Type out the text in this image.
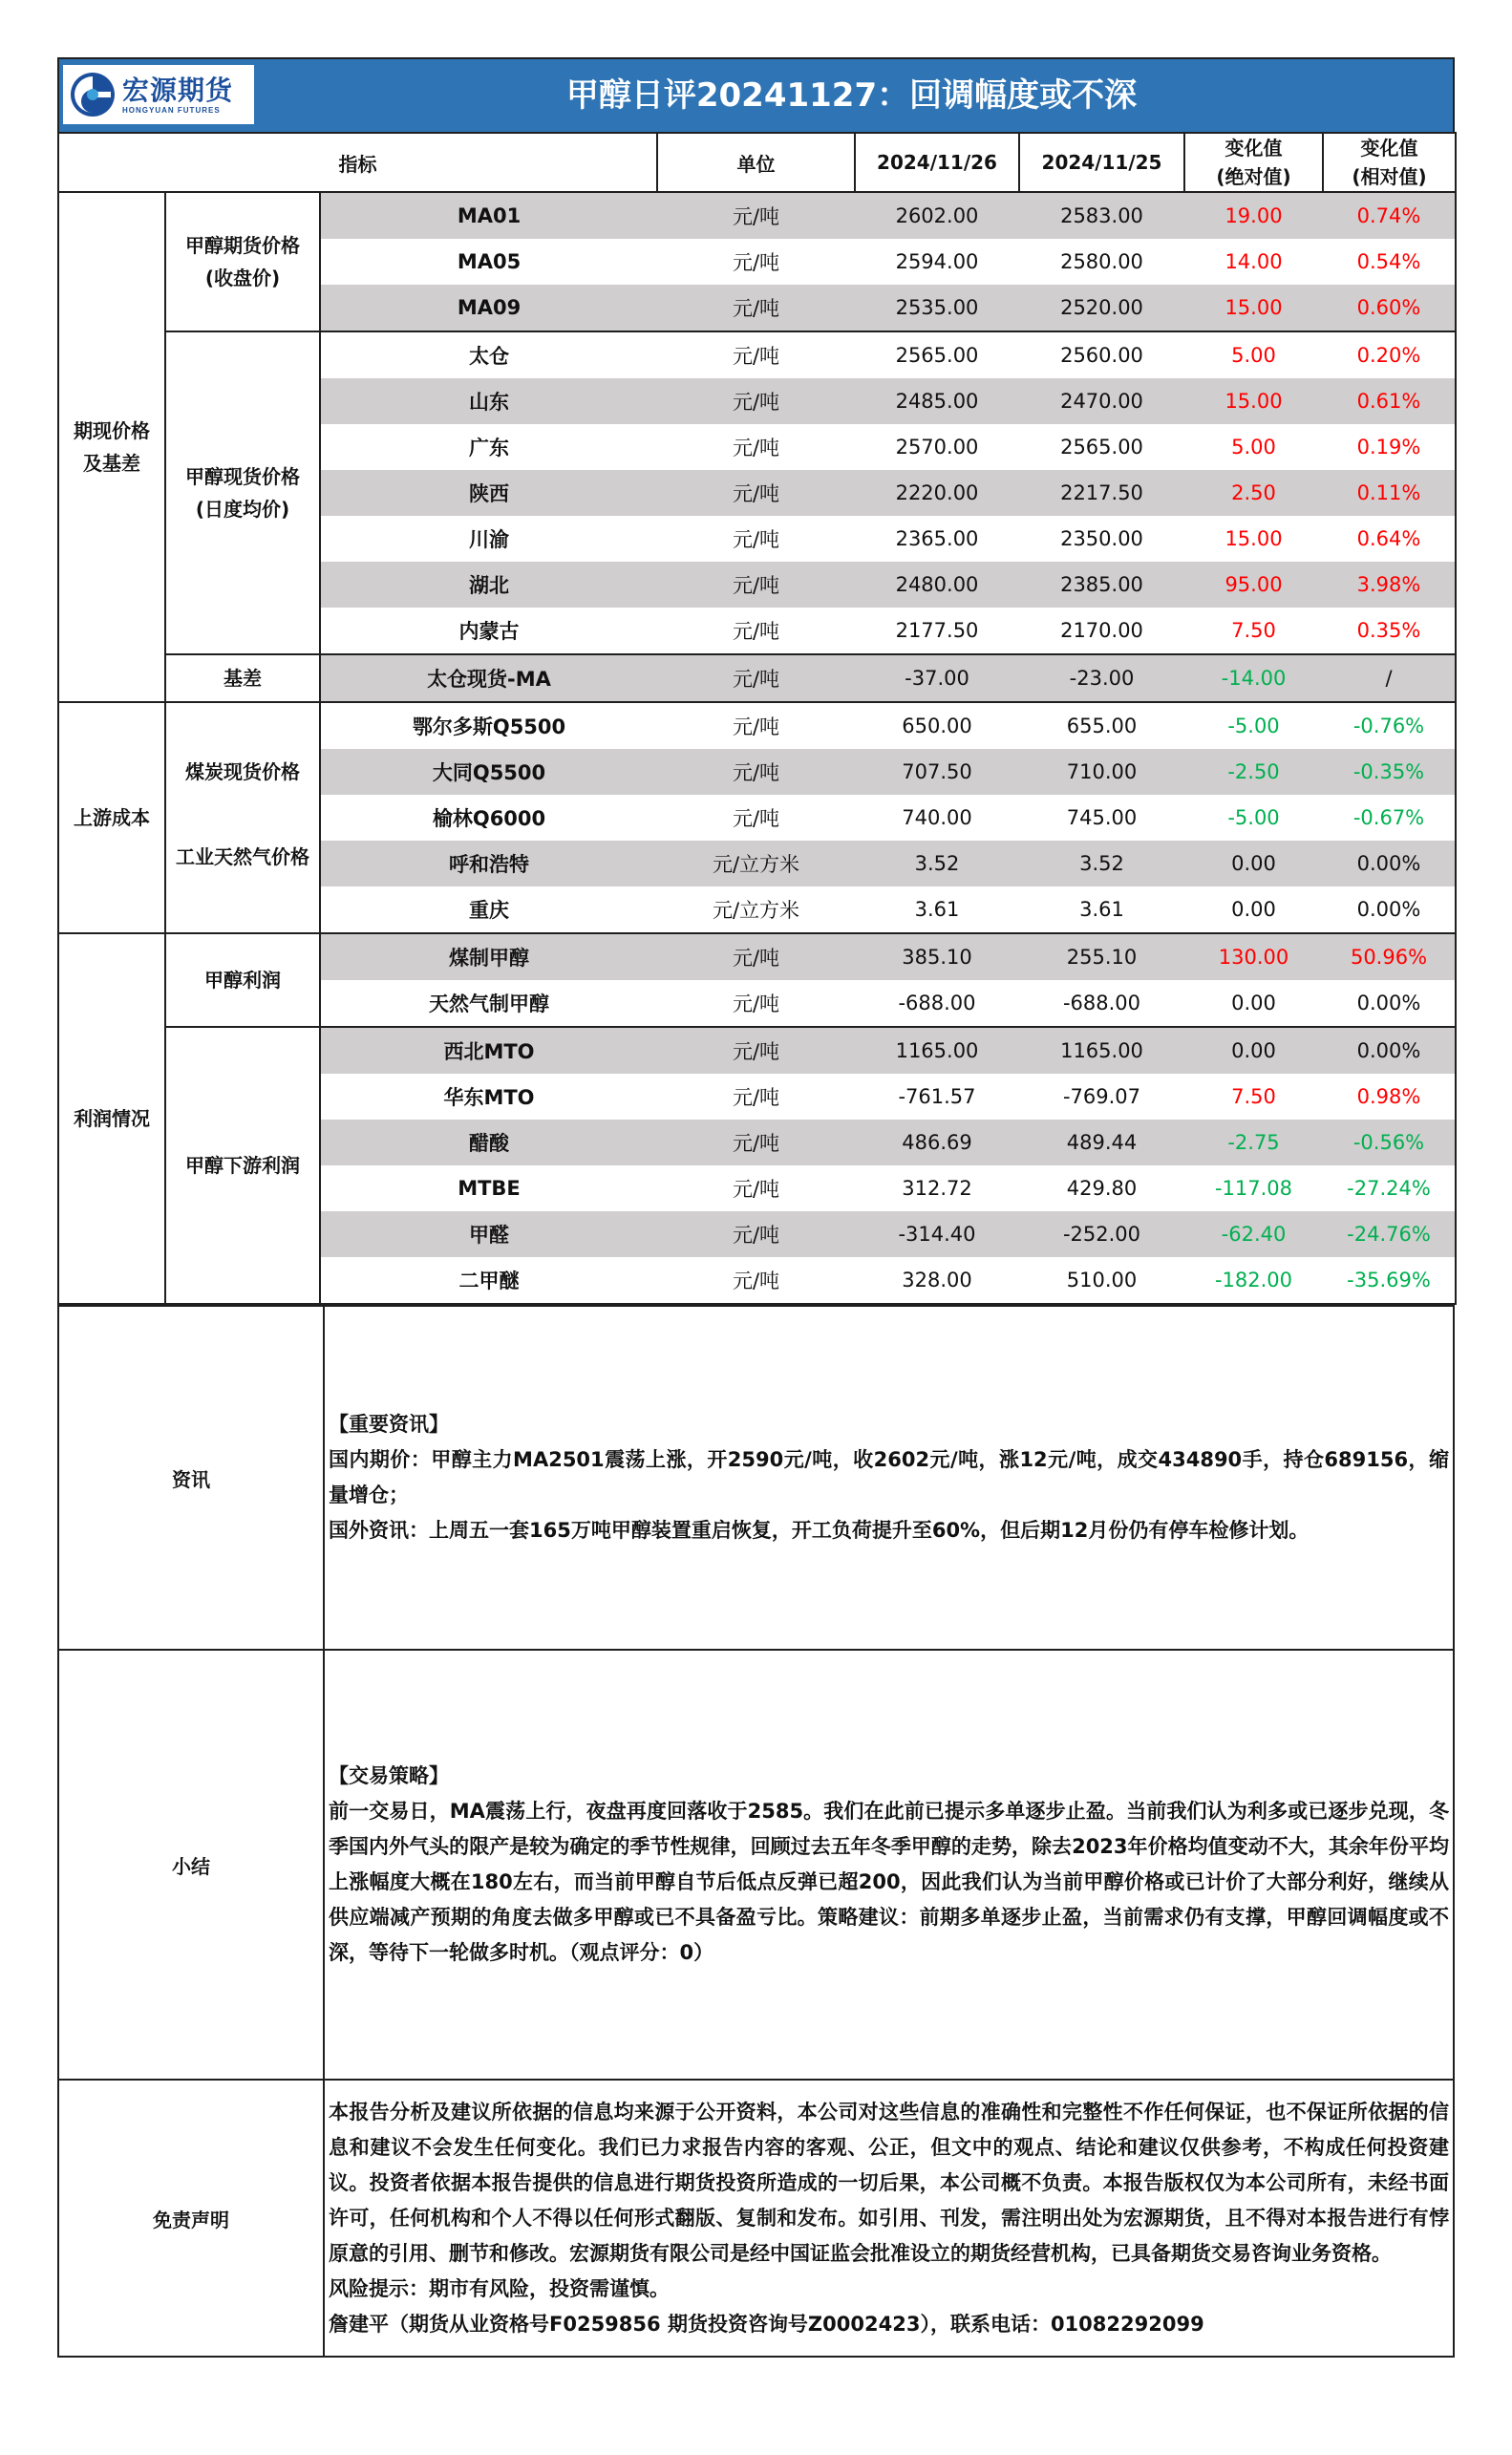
宏源期货
HONGYUAN FUTURES	甲醇日评20241127：回调幅度或不深
指标			单位	2024/11/26	2024/11/25	变化值
(绝对值)	变化值
(相对值)
期现价格
及基差	甲醇期货价格
(收盘价)	MA01	元/吨	2602.00	2583.00	19.00	0.74%
		MA05	元/吨	2594.00	2580.00	14.00	0.54%
		MA09	元/吨	2535.00	2520.00	15.00	0.60%
	甲醇现货价格
(日度均价)	太仓	元/吨	2565.00	2560.00	5.00	0.20%
		山东	元/吨	2485.00	2470.00	15.00	0.61%
		广东	元/吨	2570.00	2565.00	5.00	0.19%
		陕西	元/吨	2220.00	2217.50	2.50	0.11%
		川渝	元/吨	2365.00	2350.00	15.00	0.64%
		湖北	元/吨	2480.00	2385.00	95.00	3.98%
		内蒙古	元/吨	2177.50	2170.00	7.50	0.35%
	基差	太仓现货-MA	元/吨	-37.00	-23.00	-14.00	/
上游成本	煤炭现货价格	鄂尔多斯Q5500	元/吨	650.00	655.00	-5.00	-0.76%
		大同Q5500	元/吨	707.50	710.00	-2.50	-0.35%
		榆林Q6000	元/吨	740.00	745.00	-5.00	-0.67%
	工业天然气价格	呼和浩特	元/立方米	3.52	3.52	0.00	0.00%
		重庆	元/立方米	3.61	3.61	0.00	0.00%
利润情况	甲醇利润	煤制甲醇	元/吨	385.10	255.10	130.00	50.96%
		天然气制甲醇	元/吨	-688.00	-688.00	0.00	0.00%
	甲醇下游利润	西北MTO	元/吨	1165.00	1165.00	0.00	0.00%
		华东MTO	元/吨	-761.57	-769.07	7.50	0.98%
		醋酸	元/吨	486.69	489.44	-2.75	-0.56%
		MTBE	元/吨	312.72	429.80	-117.08	-27.24%
		甲醛	元/吨	-314.40	-252.00	-62.40	-24.76%
		二甲醚	元/吨	328.00	510.00	-182.00	-35.69%
资讯	【重要资讯】

国内期价：甲醇主力MA2501震荡上涨，开2590元/吨，收2602元/吨，涨12元/吨，成交434890手，持仓689156，缩量增仓；

国外资讯：上周五一套165万吨甲醇装置重启恢复，开工负荷提升至60%，但后期12月份仍有停车检修计划。

小结	【交易策略】

前一交易日，MA震荡上行，夜盘再度回落收于2585。我们在此前已提示多单逐步止盈。当前我们认为利多或已逐步兑现，冬季国内外气头的限产是较为确定的季节性规律，回顾过去五年冬季甲醇的走势，除去2023年价格均值变动不大，其余年份平均上涨幅度大概在180左右，而当前甲醇自节后低点反弹已超200，因此我们认为当前甲醇价格或已计价了大部分利好，继续从供应端减产预期的角度去做多甲醇或已不具备盈亏比。策略建议：前期多单逐步止盈，当前需求仍有支撑，甲醇回调幅度或不深，等待下一轮做多时机。（观点评分：0）

免责声明	本报告分析及建议所依据的信息均来源于公开资料，本公司对这些信息的准确性和完整性不作任何保证，也不保证所依据的信息和建议不会发生任何变化。我们已力求报告内容的客观、公正，但文中的观点、结论和建议仅供参考，不构成任何投资建议。投资者依据本报告提供的信息进行期货投资所造成的一切后果，本公司概不负责。本报告版权仅为本公司所有，未经书面许可，任何机构和个人不得以任何形式翻版、复制和发布。如引用、刊发，需注明出处为宏源期货，且不得对本报告进行有悖原意的引用、删节和修改。宏源期货有限公司是经中国证监会批准设立的期货经营机构，已具备期货交易咨询业务资格。

风险提示：期市有风险，投资需谨慎。

詹建平（期货从业资格号F0259856 期货投资咨询号Z0002423），联系电话：01082292099
